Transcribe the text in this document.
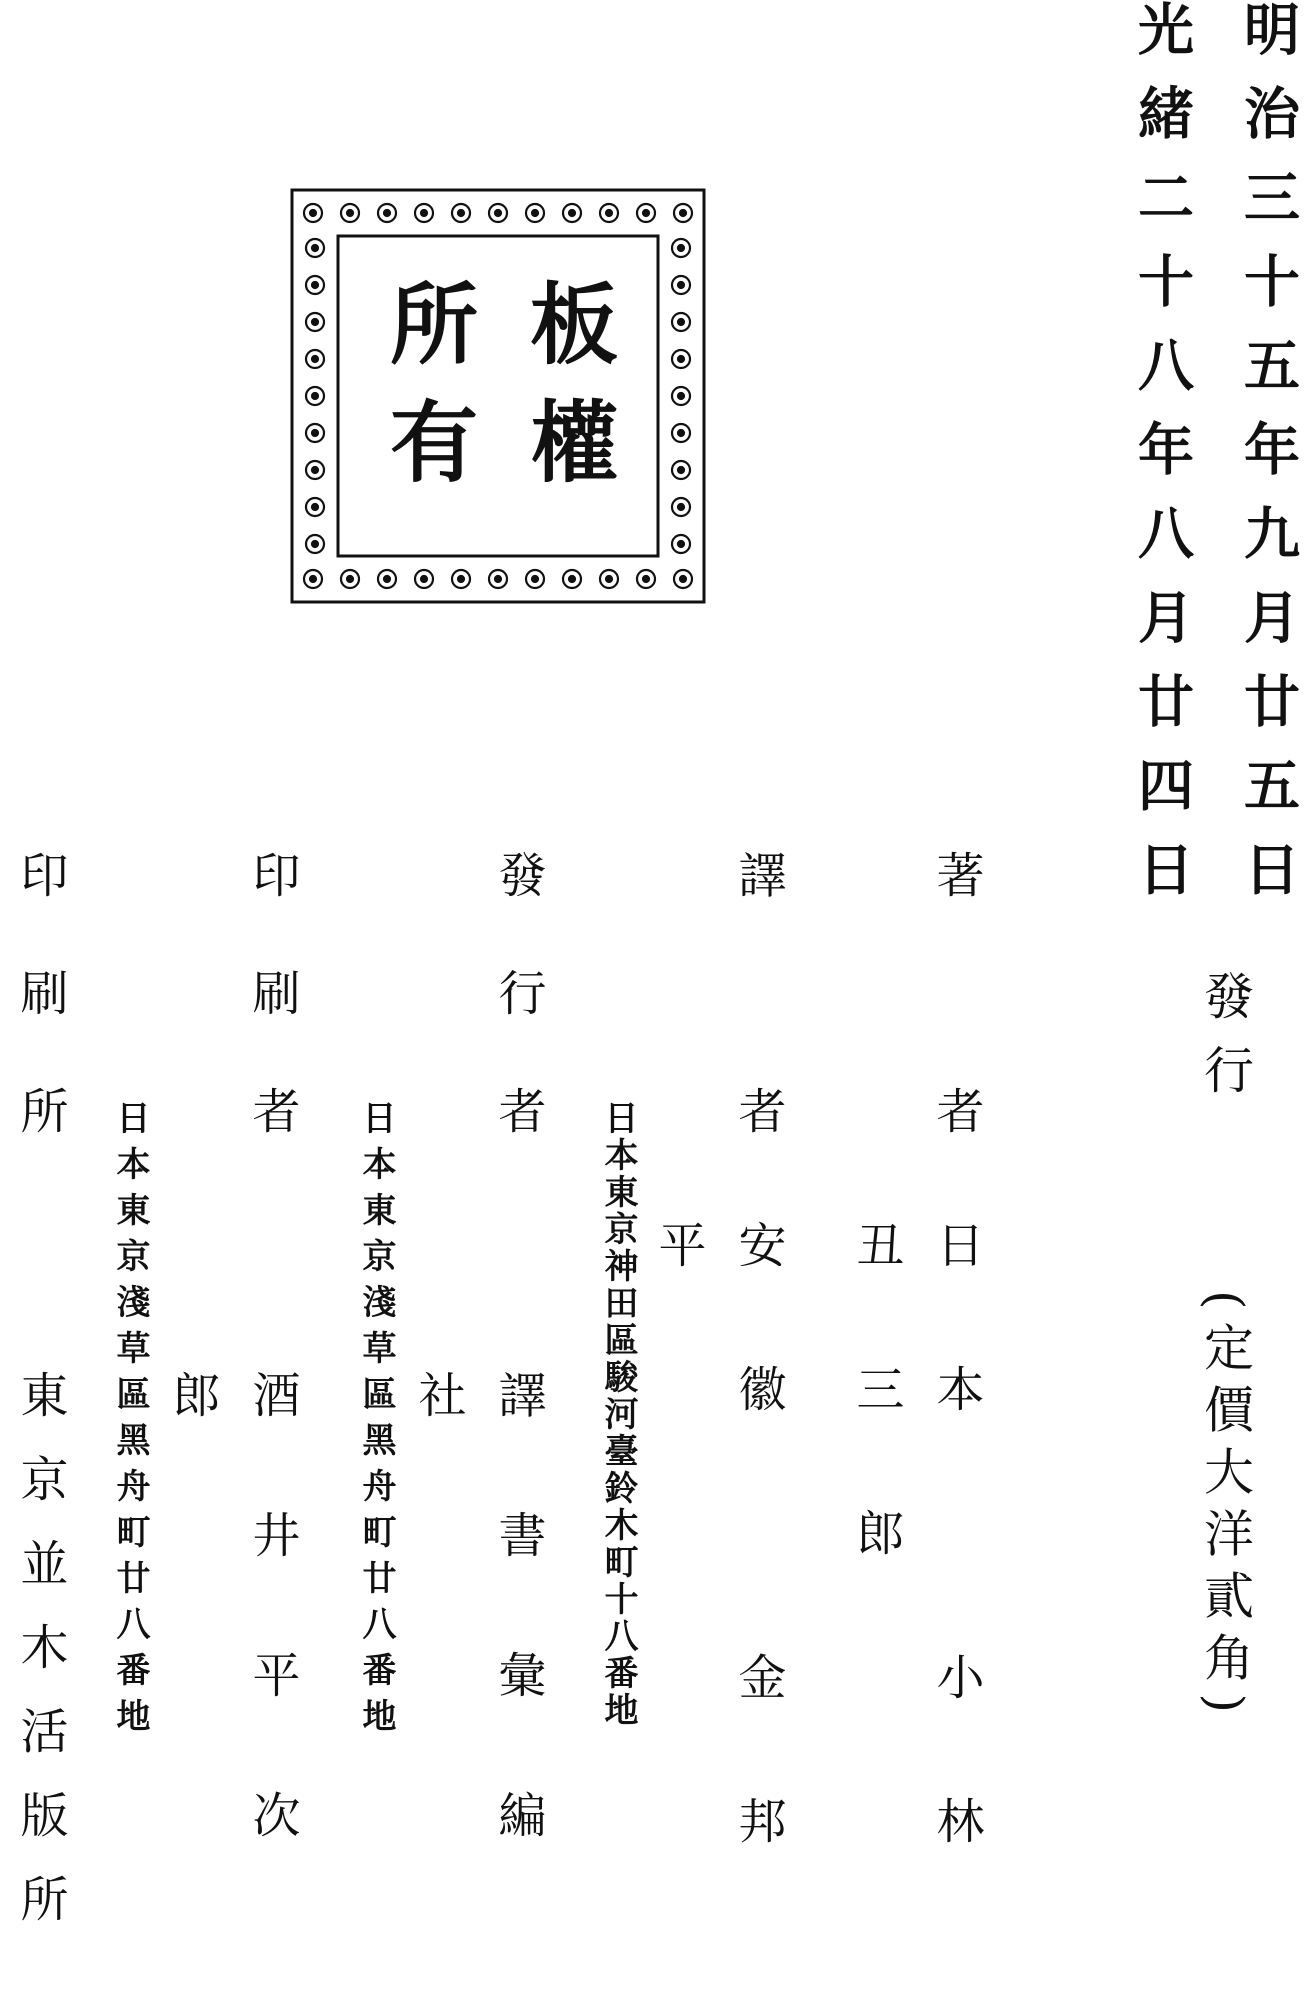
板權
所有	明治三十五年九月廿五日
光緒二十八年八月廿四日
發行
(定價大洋貳角)
著　者
日本　小林丑三郎
譯　者
安徽　金邦平
日本東京神田區駿河臺鈴木町十八番地
發行者
譯書彙編社
日本東京淺草區黑舟町廿八番地
印刷者
酒井平次郎
日本東京淺草區黑舟町廿八番地
印刷所
東京並木活版所
